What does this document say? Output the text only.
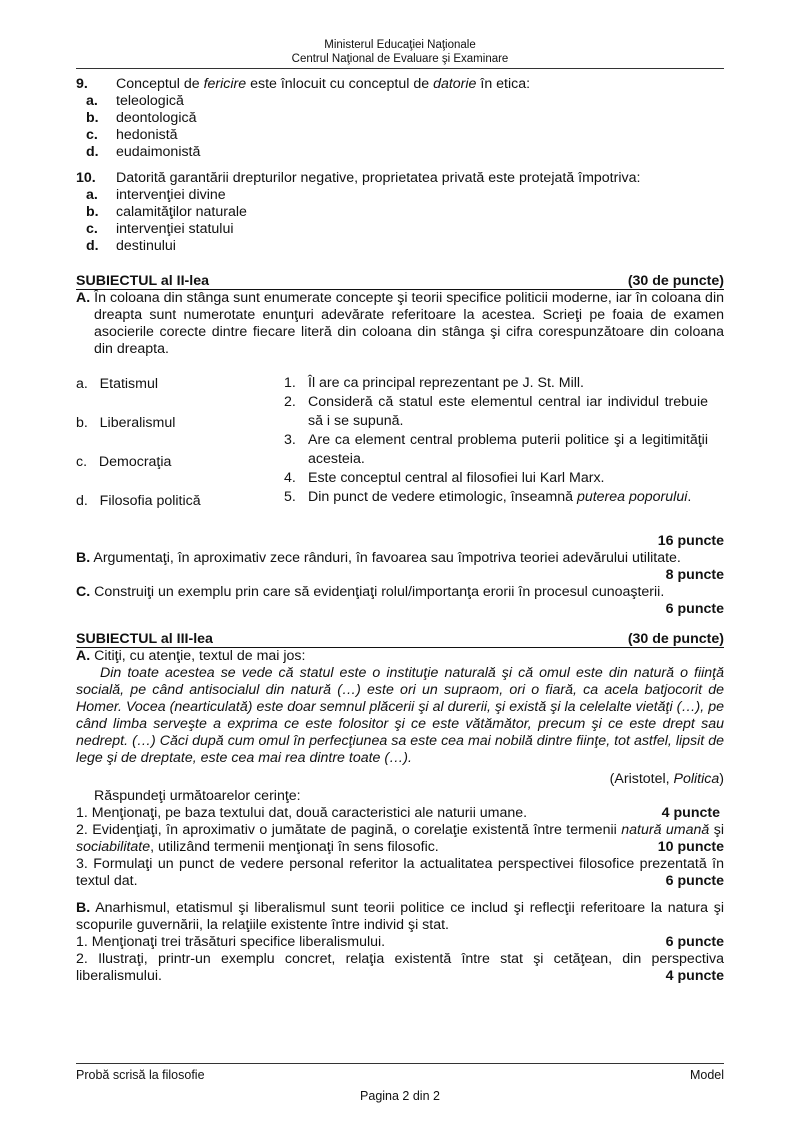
Ministerul Educaţiei Naţionale
Centrul Naţional de Evaluare şi Examinare
9.	Conceptul de fericire este înlocuit cu conceptul de datorie în etica:
a.	teleologică
b.	deontologică
c.	hedonistă
d.	eudaimonistă
10.	Datorită garantării drepturilor negative, proprietatea privată este protejată împotriva:
a.	intervenţiei divine
b.	calamităţilor naturale
c.	intervenţiei statului
d.	destinului
SUBIECTUL al II-lea	(30 de puncte)
A. În coloana din stânga sunt enumerate concepte şi teorii specifice politicii moderne, iar în coloana din dreapta sunt numerotate enunţuri adevărate referitoare la acestea. Scrieţi pe foaia de examen asocierile corecte dintre fiecare literă din coloana din stânga şi cifra corespunzătoare din coloana din dreapta.
a. Etatismul
b. Liberalismul
c. Democraţia
d. Filosofia politică
1. Îl are ca principal reprezentant pe J. St. Mill.
2. Consideră că statul este elementul central iar individul trebuie să i se supună.
3. Are ca element central problema puterii politice şi a legitimităţii acesteia.
4. Este conceptul central al filosofiei lui Karl Marx.
5. Din punct de vedere etimologic, înseamnă puterea poporului.
16 puncte
B. Argumentaţi, în aproximativ zece rânduri, în favoarea sau împotriva teoriei adevărului utilitate.
8 puncte
C. Construiţi un exemplu prin care să evidenţiaţi rolul/importanţa erorii în procesul cunoaşterii.
6 puncte
SUBIECTUL al III-lea	(30 de puncte)
A. Citiţi, cu atenţie, textul de mai jos:
Din toate acestea se vede că statul este o instituţie naturală şi că omul este din natură o fiinţă socială, pe când antisocialul din natură (…) este ori un supraom, ori o fiară, ca acela batjocorit de Homer. Vocea (nearticulată) este doar semnul plăcerii şi al durerii, şi există şi la celelalte vietăţi (…), pe când limba serveşte a exprima ce este folositor şi ce este vătămător, precum şi ce este drept sau nedrept. (…) Căci după cum omul în perfecţiunea sa este cea mai nobilă dintre fiinţe, tot astfel, lipsit de lege şi de dreptate, este cea mai rea dintre toate (…).
(Aristotel, Politica)
Răspundeţi următoarelor cerinţe:
1. Menţionaţi, pe baza textului dat, două caracteristici ale naturii umane.	4 puncte
2. Evidenţiaţi, în aproximativ o jumătate de pagină, o corelaţie existentă între termenii natură umană şi sociabilitate, utilizând termenii menţionaţi în sens filosofic.	10 puncte
3. Formulaţi un punct de vedere personal referitor la actualitatea perspectivei filosofice prezentată în textul dat.	6 puncte
B. Anarhismul, etatismul şi liberalismul sunt teorii politice ce includ şi reflecţii referitoare la natura şi scopurile guvernării, la relaţiile existente între individ şi stat.
1. Menţionaţi trei trăsături specifice liberalismului.	6 puncte
2. Ilustraţi, printr-un exemplu concret, relaţia existentă între stat şi cetăţean, din perspectiva liberalismului.	4 puncte
Probă scrisă la filosofie	Model
Pagina 2 din 2
